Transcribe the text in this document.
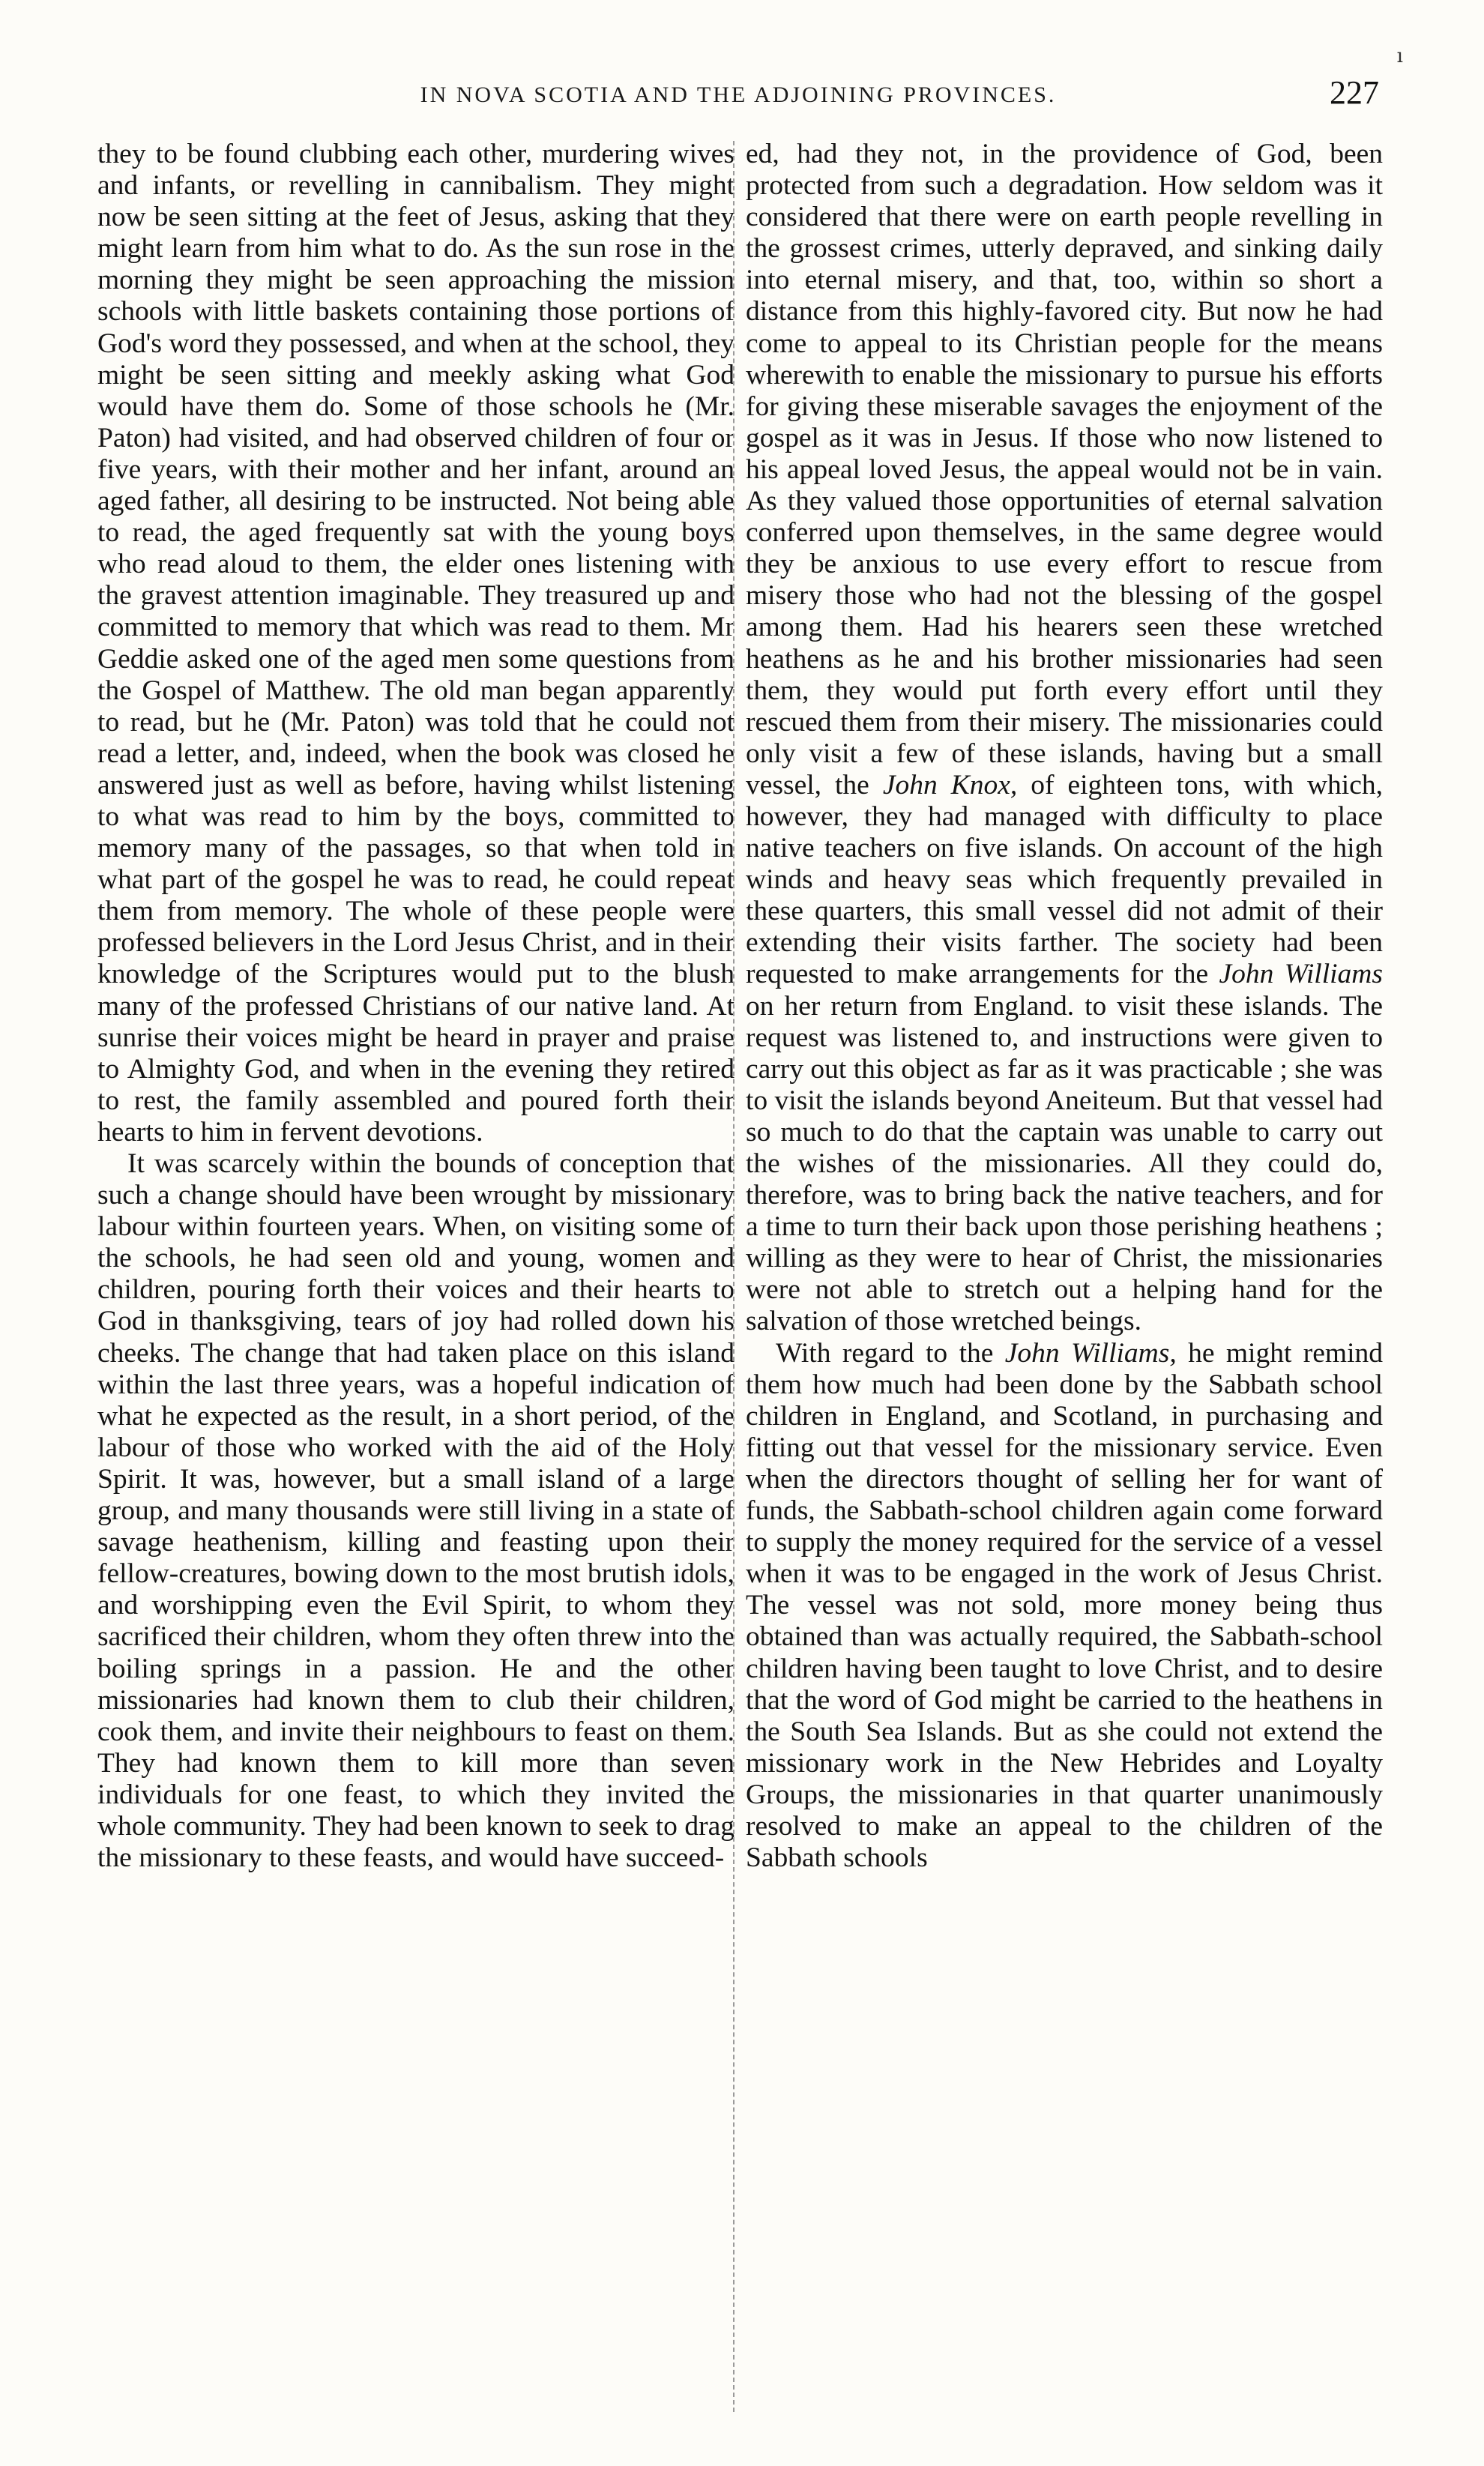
IN NOVA SCOTIA AND THE ADJOINING PROVINCES.	227
ı

they to be found clubbing each other, murdering wives and infants, or revelling in cannibalism. They might now be seen sitting at the feet of Jesus, asking that they might learn from him what to do. As the sun rose in the morning they might be seen approaching the mission schools with little baskets containing those portions of God's word they possessed, and when at the school, they might be seen sitting and meekly asking what God would have them do. Some of those schools he (Mr. Paton) had visited, and had observed children of four or five years, with their mother and her infant, around an aged father, all desiring to be instructed. Not being able to read, the aged frequently sat with the young boys who read aloud to them, the elder ones listening with the gravest attention imaginable. They treasured up and committed to memory that which was read to them. Mr Geddie asked one of the aged men some questions from the Gospel of Matthew. The old man began apparently to read, but he (Mr. Paton) was told that he could not read a letter, and, indeed, when the book was closed he answered just as well as before, having whilst listening to what was read to him by the boys, committed to memory many of the passages, so that when told in what part of the gospel he was to read, he could repeat them from memory. The whole of these people were professed believers in the Lord Jesus Christ, and in their knowledge of the Scriptures would put to the blush many of the professed Christians of our native land. At sunrise their voices might be heard in prayer and praise to Almighty God, and when in the evening they retired to rest, the family assembled and poured forth their hearts to him in fervent devotions.

It was scarcely within the bounds of conception that such a change should have been wrought by missionary labour within fourteen years. When, on visiting some of the schools, he had seen old and young, women and children, pouring forth their voices and their hearts to God in thanksgiving, tears of joy had rolled down his cheeks. The change that had taken place on this island within the last three years, was a hopeful indication of what he expected as the result, in a short period, of the labour of those who worked with the aid of the Holy Spirit. It was, however, but a small island of a large group, and many thousands were still living in a state of savage heathenism, killing and feasting upon their fellow-creatures, bowing down to the most brutish idols, and worshipping even the Evil Spirit, to whom they sacrificed their children, whom they often threw into the boiling springs in a passion. He and the other missionaries had known them to club their children, cook them, and invite their neighbours to feast on them. They had known them to kill more than seven individuals for one feast, to which they invited the whole community. They had been known to seek to drag the missionary to these feasts, and would have succeed-

ed, had they not, in the providence of God, been protected from such a degradation. How seldom was it considered that there were on earth people revelling in the grossest crimes, utterly depraved, and sinking daily into eternal misery, and that, too, within so short a distance from this highly-favored city. But now he had come to appeal to its Christian people for the means wherewith to enable the missionary to pursue his efforts for giving these miserable savages the enjoyment of the gospel as it was in Jesus. If those who now listened to his appeal loved Jesus, the appeal would not be in vain. As they valued those opportunities of eternal salvation conferred upon themselves, in the same degree would they be anxious to use every effort to rescue from misery those who had not the blessing of the gospel among them. Had his hearers seen these wretched heathens as he and his brother missionaries had seen them, they would put forth every effort until they rescued them from their misery. The missionaries could only visit a few of these islands, having but a small vessel, the John Knox, of eighteen tons, with which, however, they had managed with difficulty to place native teachers on five islands. On account of the high winds and heavy seas which frequently prevailed in these quarters, this small vessel did not admit of their extending their visits farther. The society had been requested to make arrangements for the John Williams on her return from England. to visit these islands. The request was listened to, and instructions were given to carry out this object as far as it was practicable ; she was to visit the islands beyond Aneiteum. But that vessel had so much to do that the captain was unable to carry out the wishes of the missionaries. All they could do, therefore, was to bring back the native teachers, and for a time to turn their back upon those perishing heathens ; willing as they were to hear of Christ, the missionaries were not able to stretch out a helping hand for the salvation of those wretched beings.

With regard to the John Williams, he might remind them how much had been done by the Sabbath school children in England, and Scotland, in purchasing and fitting out that vessel for the missionary service. Even when the directors thought of selling her for want of funds, the Sabbath-school children again come forward to supply the money required for the service of a vessel when it was to be engaged in the work of Jesus Christ. The vessel was not sold, more money being thus obtained than was actually required, the Sabbath-school children having been taught to love Christ, and to desire that the word of God might be carried to the heathens in the South Sea Islands. But as she could not extend the missionary work in the New Hebrides and Loyalty Groups, the missionaries in that quarter unanimously resolved to make an appeal to the children of the Sabbath schools
